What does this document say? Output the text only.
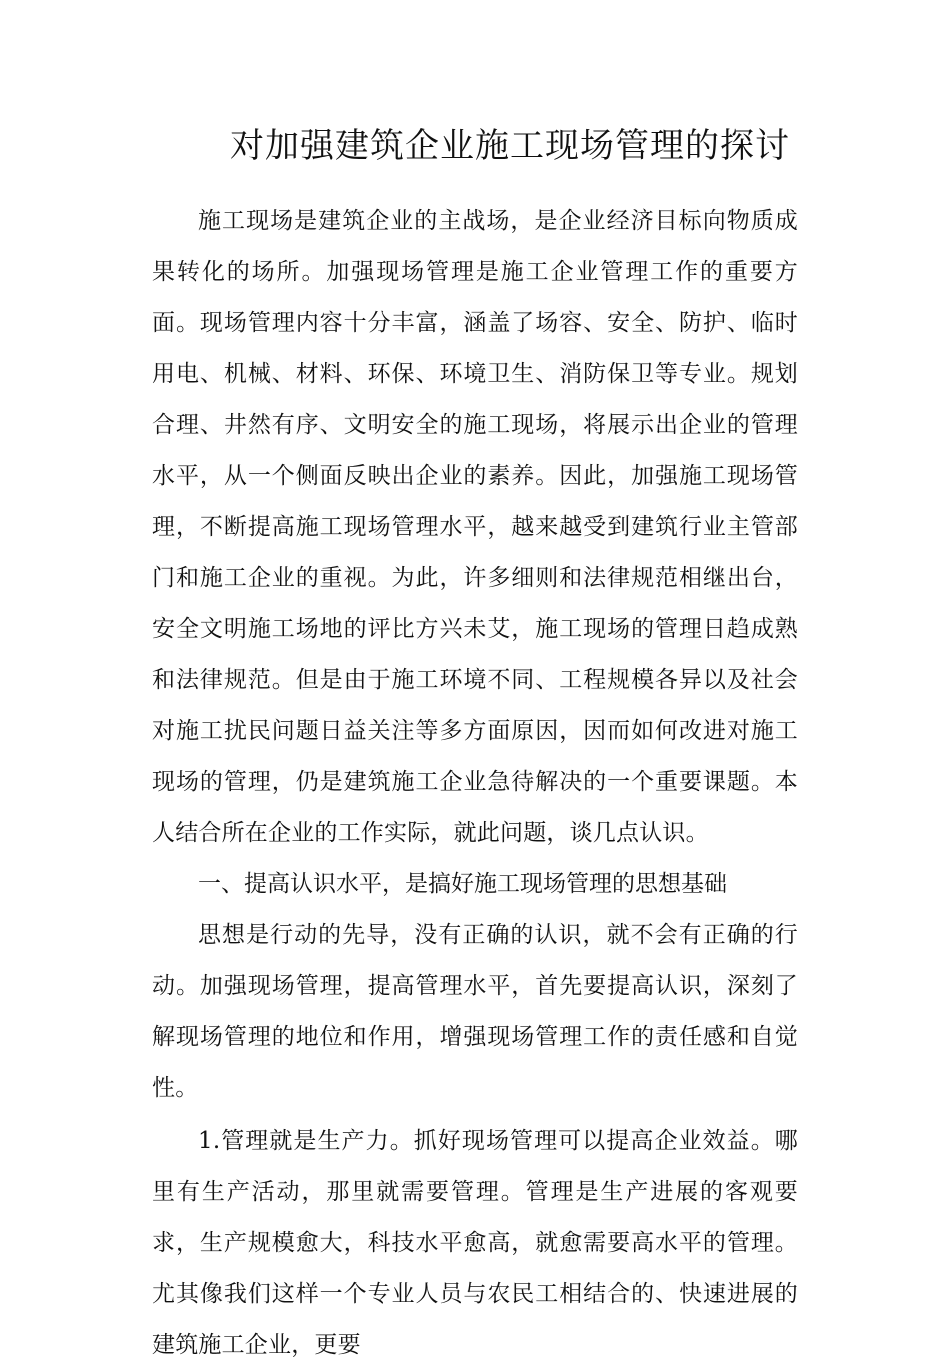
对加强建筑企业施工现场管理的探讨

施工现场是建筑企业的主战场，是企业经济目标向物质成果转化的场所。加强现场管理是施工企业管理工作的重要方面。现场管理内容十分丰富，涵盖了场容、安全、防护、临时用电、机械、材料、环保、环境卫生、消防保卫等专业。规划合理、井然有序、文明安全的施工现场，将展示出企业的管理水平，从一个侧面反映出企业的素养。因此，加强施工现场管理，不断提高施工现场管理水平，越来越受到建筑行业主管部门和施工企业的重视。为此，许多细则和法律规范相继出台，安全文明施工场地的评比方兴未艾，施工现场的管理日趋成熟和法律规范。但是由于施工环境不同、工程规模各异以及社会对施工扰民问题日益关注等多方面原因，因而如何改进对施工现场的管理，仍是建筑施工企业急待解决的一个重要课题。本人结合所在企业的工作实际，就此问题，谈几点认识。

一、提高认识水平，是搞好施工现场管理的思想基础

思想是行动的先导，没有正确的认识，就不会有正确的行动。加强现场管理，提高管理水平，首先要提高认识，深刻了解现场管理的地位和作用，增强现场管理工作的责任感和自觉性。

1.管理就是生产力。抓好现场管理可以提高企业效益。哪里有生产活动，那里就需要管理。管理是生产进展的客观要求，生产规模愈大，科技水平愈高，就愈需要高水平的管理。尤其像我们这样一个专业人员与农民工相结合的、快速进展的建筑施工企业，更要
